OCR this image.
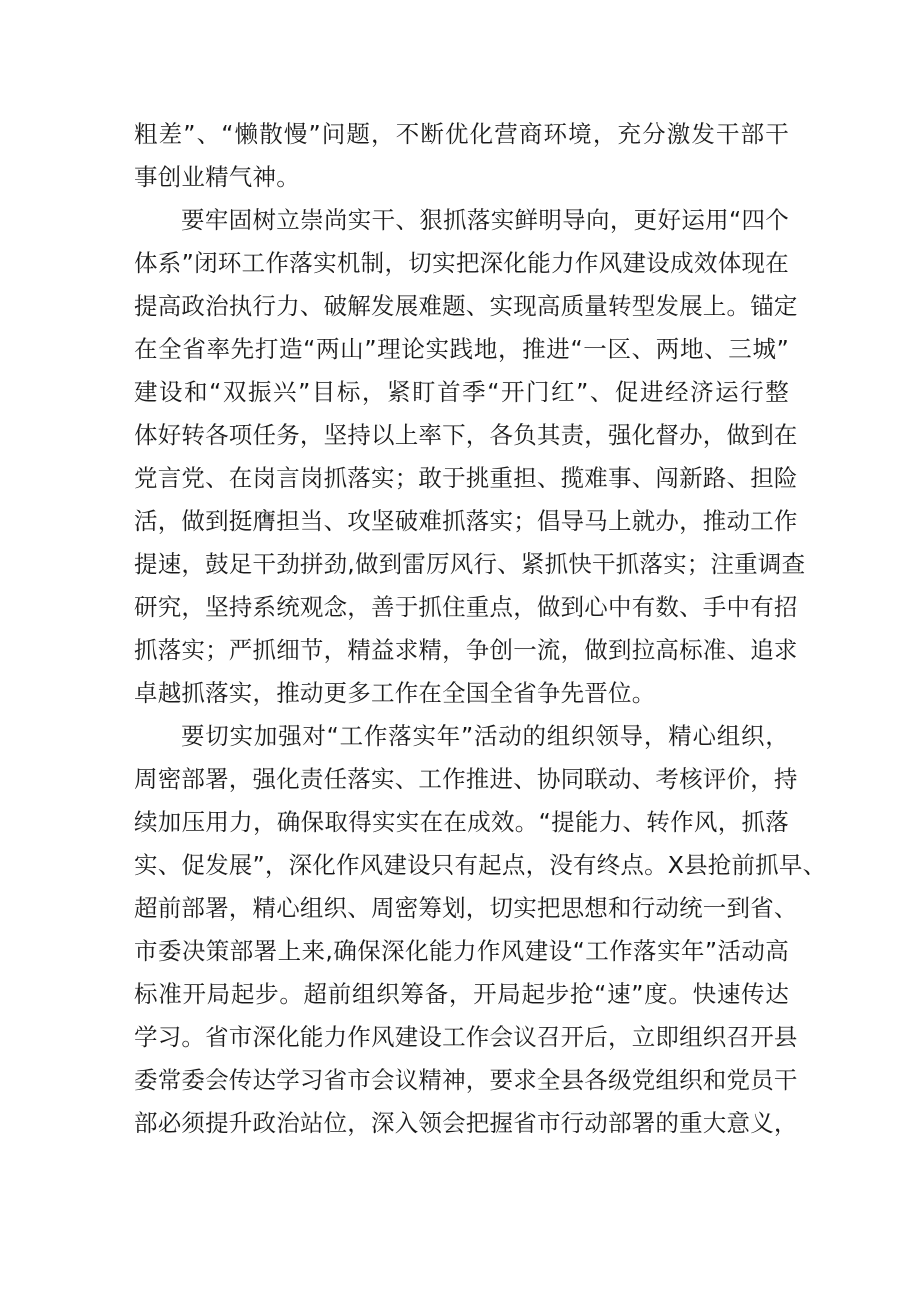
粗差”、“懒散慢”问题，不断优化营商环境，充分激发干部干
事创业精气神。
要牢固树立崇尚实干、狠抓落实鲜明导向，更好运用“四个
体系”闭环工作落实机制，切实把深化能力作风建设成效体现在
提高政治执行力、破解发展难题、实现高质量转型发展上。锚定
在全省率先打造“两山”理论实践地，推进“一区、两地、三城”
建设和“双振兴”目标，紧盯首季“开门红”、促进经济运行整
体好转各项任务，坚持以上率下，各负其责，强化督办，做到在
党言党、在岗言岗抓落实；敢于挑重担、揽难事、闯新路、担险
活，做到挺膺担当、攻坚破难抓落实；倡导马上就办，推动工作
提速，鼓足干劲拼劲,做到雷厉风行、紧抓快干抓落实；注重调查
研究，坚持系统观念，善于抓住重点，做到心中有数、手中有招
抓落实；严抓细节，精益求精，争创一流，做到拉高标准、追求
卓越抓落实，推动更多工作在全国全省争先晋位。
要切实加强对“工作落实年”活动的组织领导，精心组织，
周密部署，强化责任落实、工作推进、协同联动、考核评价，持
续加压用力，确保取得实实在在成效。“提能力、转作风，抓落
实、促发展”，深化作风建设只有起点，没有终点。X县抢前抓早、
超前部署，精心组织、周密筹划，切实把思想和行动统一到省、
市委决策部署上来,确保深化能力作风建设“工作落实年”活动高
标准开局起步。超前组织筹备，开局起步抢“速”度。快速传达
学习。省市深化能力作风建设工作会议召开后，立即组织召开县
委常委会传达学习省市会议精神，要求全县各级党组织和党员干
部必须提升政治站位，深入领会把握省市行动部署的重大意义，
